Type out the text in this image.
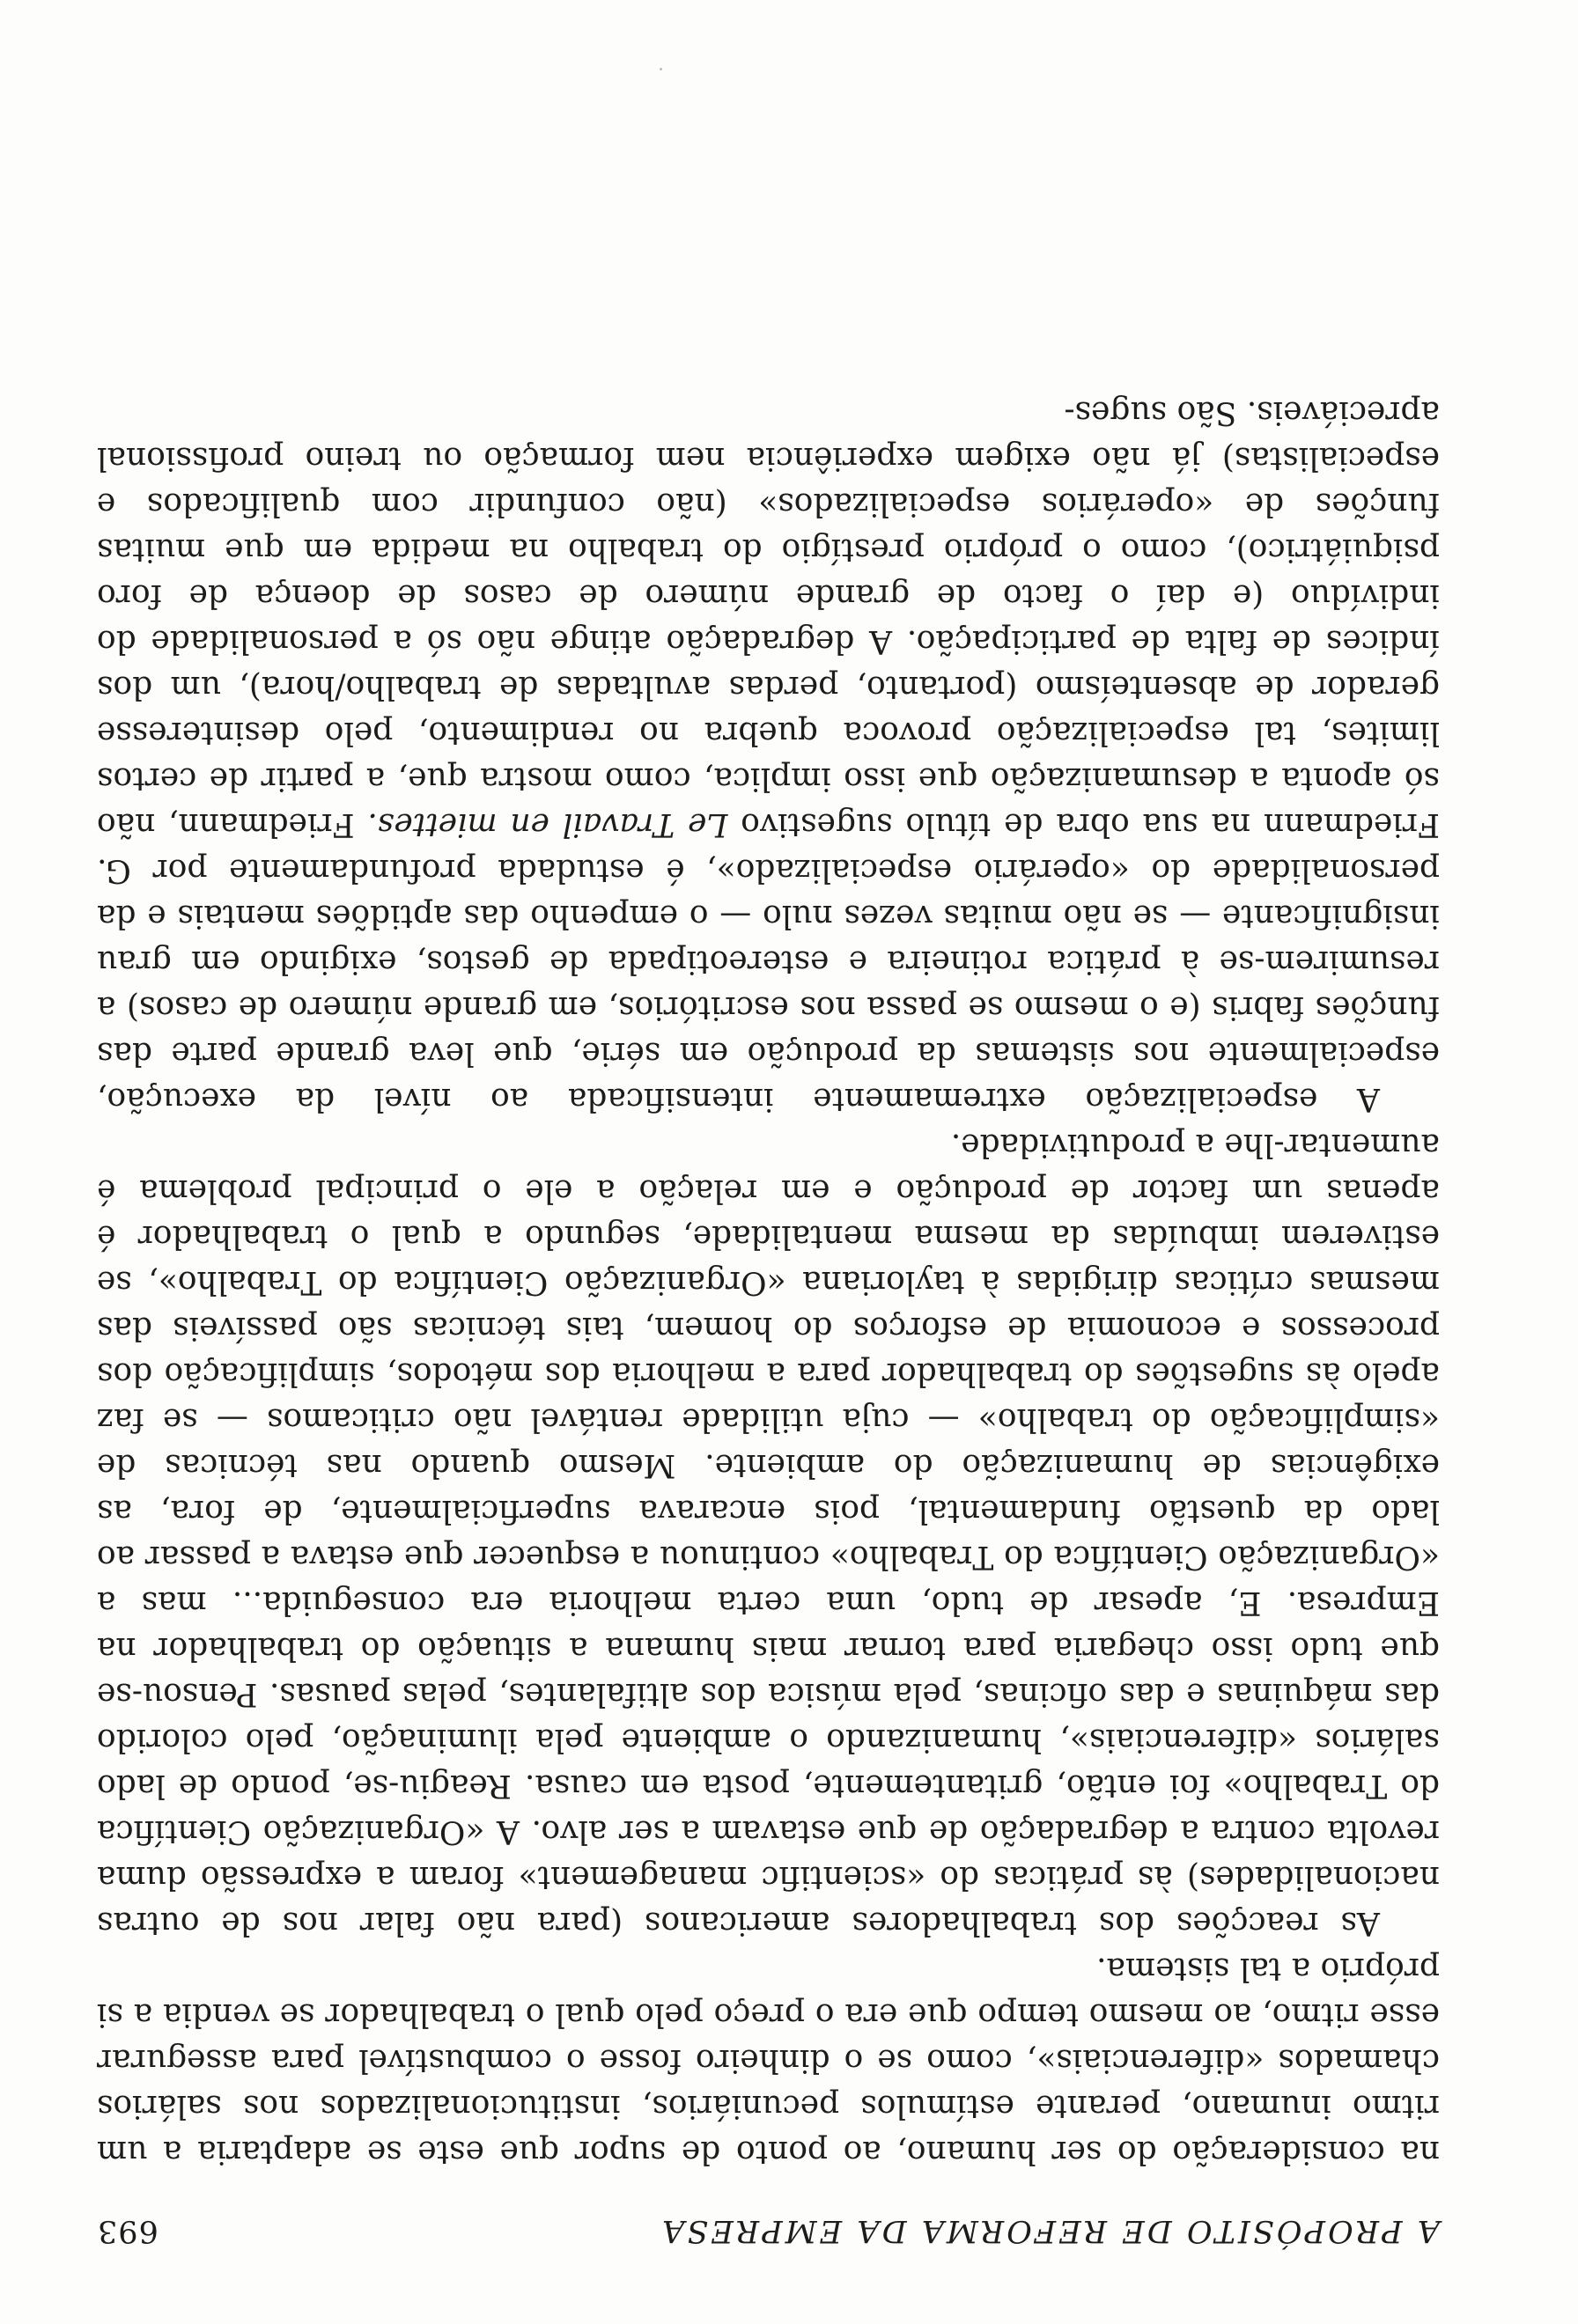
A PROPÓSITO DE REFORMA DA EMPRESA
693

na consideração do ser humano, ao ponto de supor que este se adaptaria a um ritmo inumano, perante estímulos pecuniários, institucionalizados nos salários chamados «diferenciais», como se o dinheiro fosse o combustível para assegurar esse ritmo, ao mesmo tempo que era o preço pelo qual o trabalhador se vendia a si próprio a tal sistema.

As reacções dos trabalhadores americanos (para não falar nos de outras nacionalidades) às práticas do «scientific management» foram a expressão duma revolta contra a degradação de que estavam a ser alvo. A «Organização Científica do Trabalho» foi então, gritantemente, posta em causa. Reagiu-se, pondo de lado salários «diferenciais», humanizando o ambiente pela iluminação, pelo colorido das máquinas e das oficinas, pela música dos altifalantes, pelas pausas. Pensou-se que tudo isso chegaria para tornar mais humana a situação do trabalhador na Empresa. E, apesar de tudo, uma certa melhoria era conseguida... mas a «Organização Científica do Trabalho» continuou a esquecer que estava a passar ao lado da questão fundamental, pois encarava superficialmente, de fora, as exigências de humanização do ambiente. Mesmo quando nas técnicas de «simplificação do trabalho» — cuja utilidade rentável não criticamos — se faz apelo às sugestões do trabalhador para a melhoria dos métodos, simplificação dos processos e economia de esforços do homem, tais técnicas são passíveis das mesmas críticas dirigidas à taylorianа «Organização Científica do Trabalho», se estiverem imbuídas da mesma mentalidade, segundo a qual o trabalhador é apenas um factor de produção e em relação a ele o principal problema é aumentar-lhe a produtividade.

A especialização extremamente intensificada ao nível da execução, especialmente nos sistemas da produção em série, que leva grande parte das funções fabris (e o mesmo se passa nos escritórios, em grande número de casos) a resumirem-se à prática rotineira e estereotipada de gestos, exigindo em grau insignificante — se não muitas vezes nulo — o empenho das aptidões mentais e da personalidade do «operário especializado», é estudada profundamente por G. Friedmann na sua obra de título sugestivo Le Travail en miettes. Friedmann, não só aponta a desumanização que isso implica, como mostra que, a partir de certos limites, tal especialização provoca quebra no rendimento, pelo desinteresse gerador de absenteísmo (portanto, perdas avultadas de trabalho/hora), um dos índices de falta de participação. A degradação atinge não só a personalidade do indivíduo (e daí o facto de grande número de casos de doença de foro psiquiátrico), como o próprio prestígio do trabalho na medida em que muitas funções de «operários especializados» (não confundir com qualificados e especialistas) já não exigem experiência nem formação ou treino profissional apreciáveis. São suges-
